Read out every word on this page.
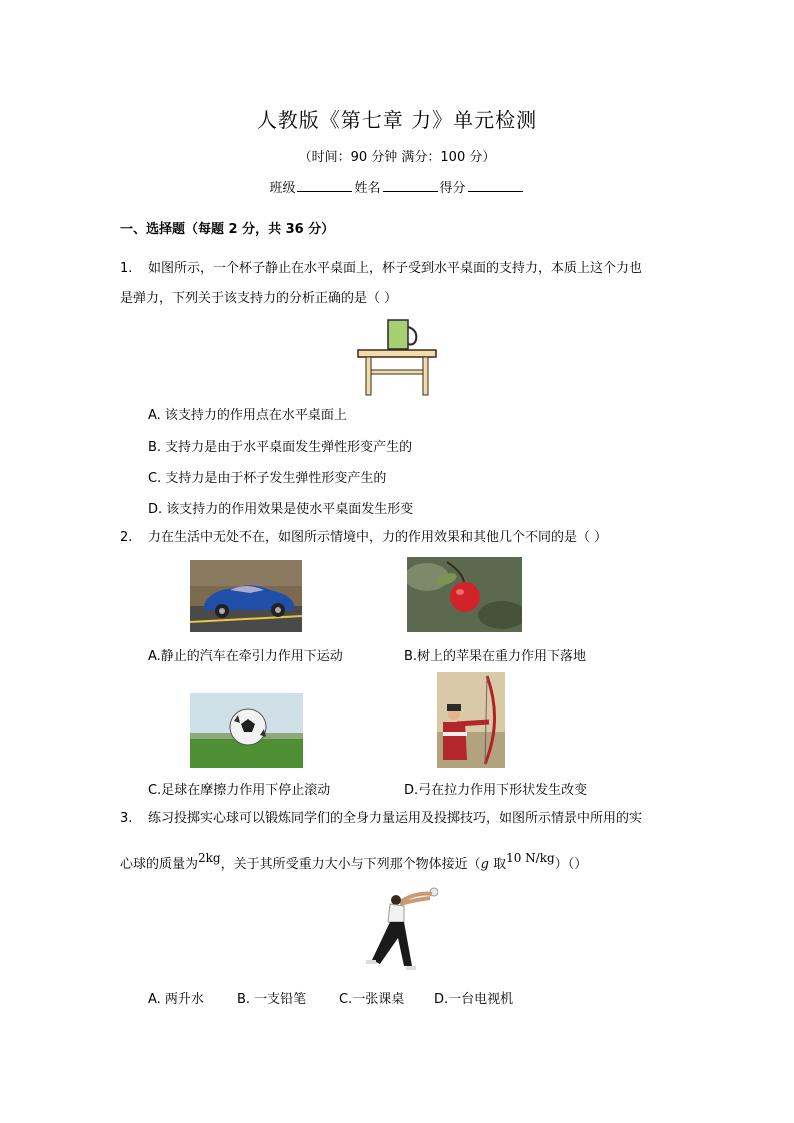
人教版《第七章 力》单元检测
（时间：90 分钟 满分：100 分）
班级	姓名	得分
一、选择题（每题 2 分，共 36 分）
1. 如图所示，一个杯子静止在水平桌面上，杯子受到水平桌面的支持力，本质上这个力也
是弹力，下列关于该支持力的分析正确的是（ ）
A. 该支持力的作用点在水平桌面上
B. 支持力是由于水平桌面发生弹性形变产生的
C. 支持力是由于杯子发生弹性形变产生的
D. 该支持力的作用效果是使水平桌面发生形变
2. 力在生活中无处不在，如图所示情境中，力的作用效果和其他几个不同的是（ ）
A.静止的汽车在牵引力作用下运动	B.树上的苹果在重力作用下落地
C.足球在摩擦力作用下停止滚动	D.弓在拉力作用下形状发生改变
3. 练习投掷实心球可以锻炼同学们的全身力量运用及投掷技巧，如图所示情景中所用的实
心球的质量为2kg，关于其所受重力大小与下列那个物体接近（g 取10 N/kg）（）
A. 两升水	B. 一支铅笔	C.一张课桌 D.一台电视机
